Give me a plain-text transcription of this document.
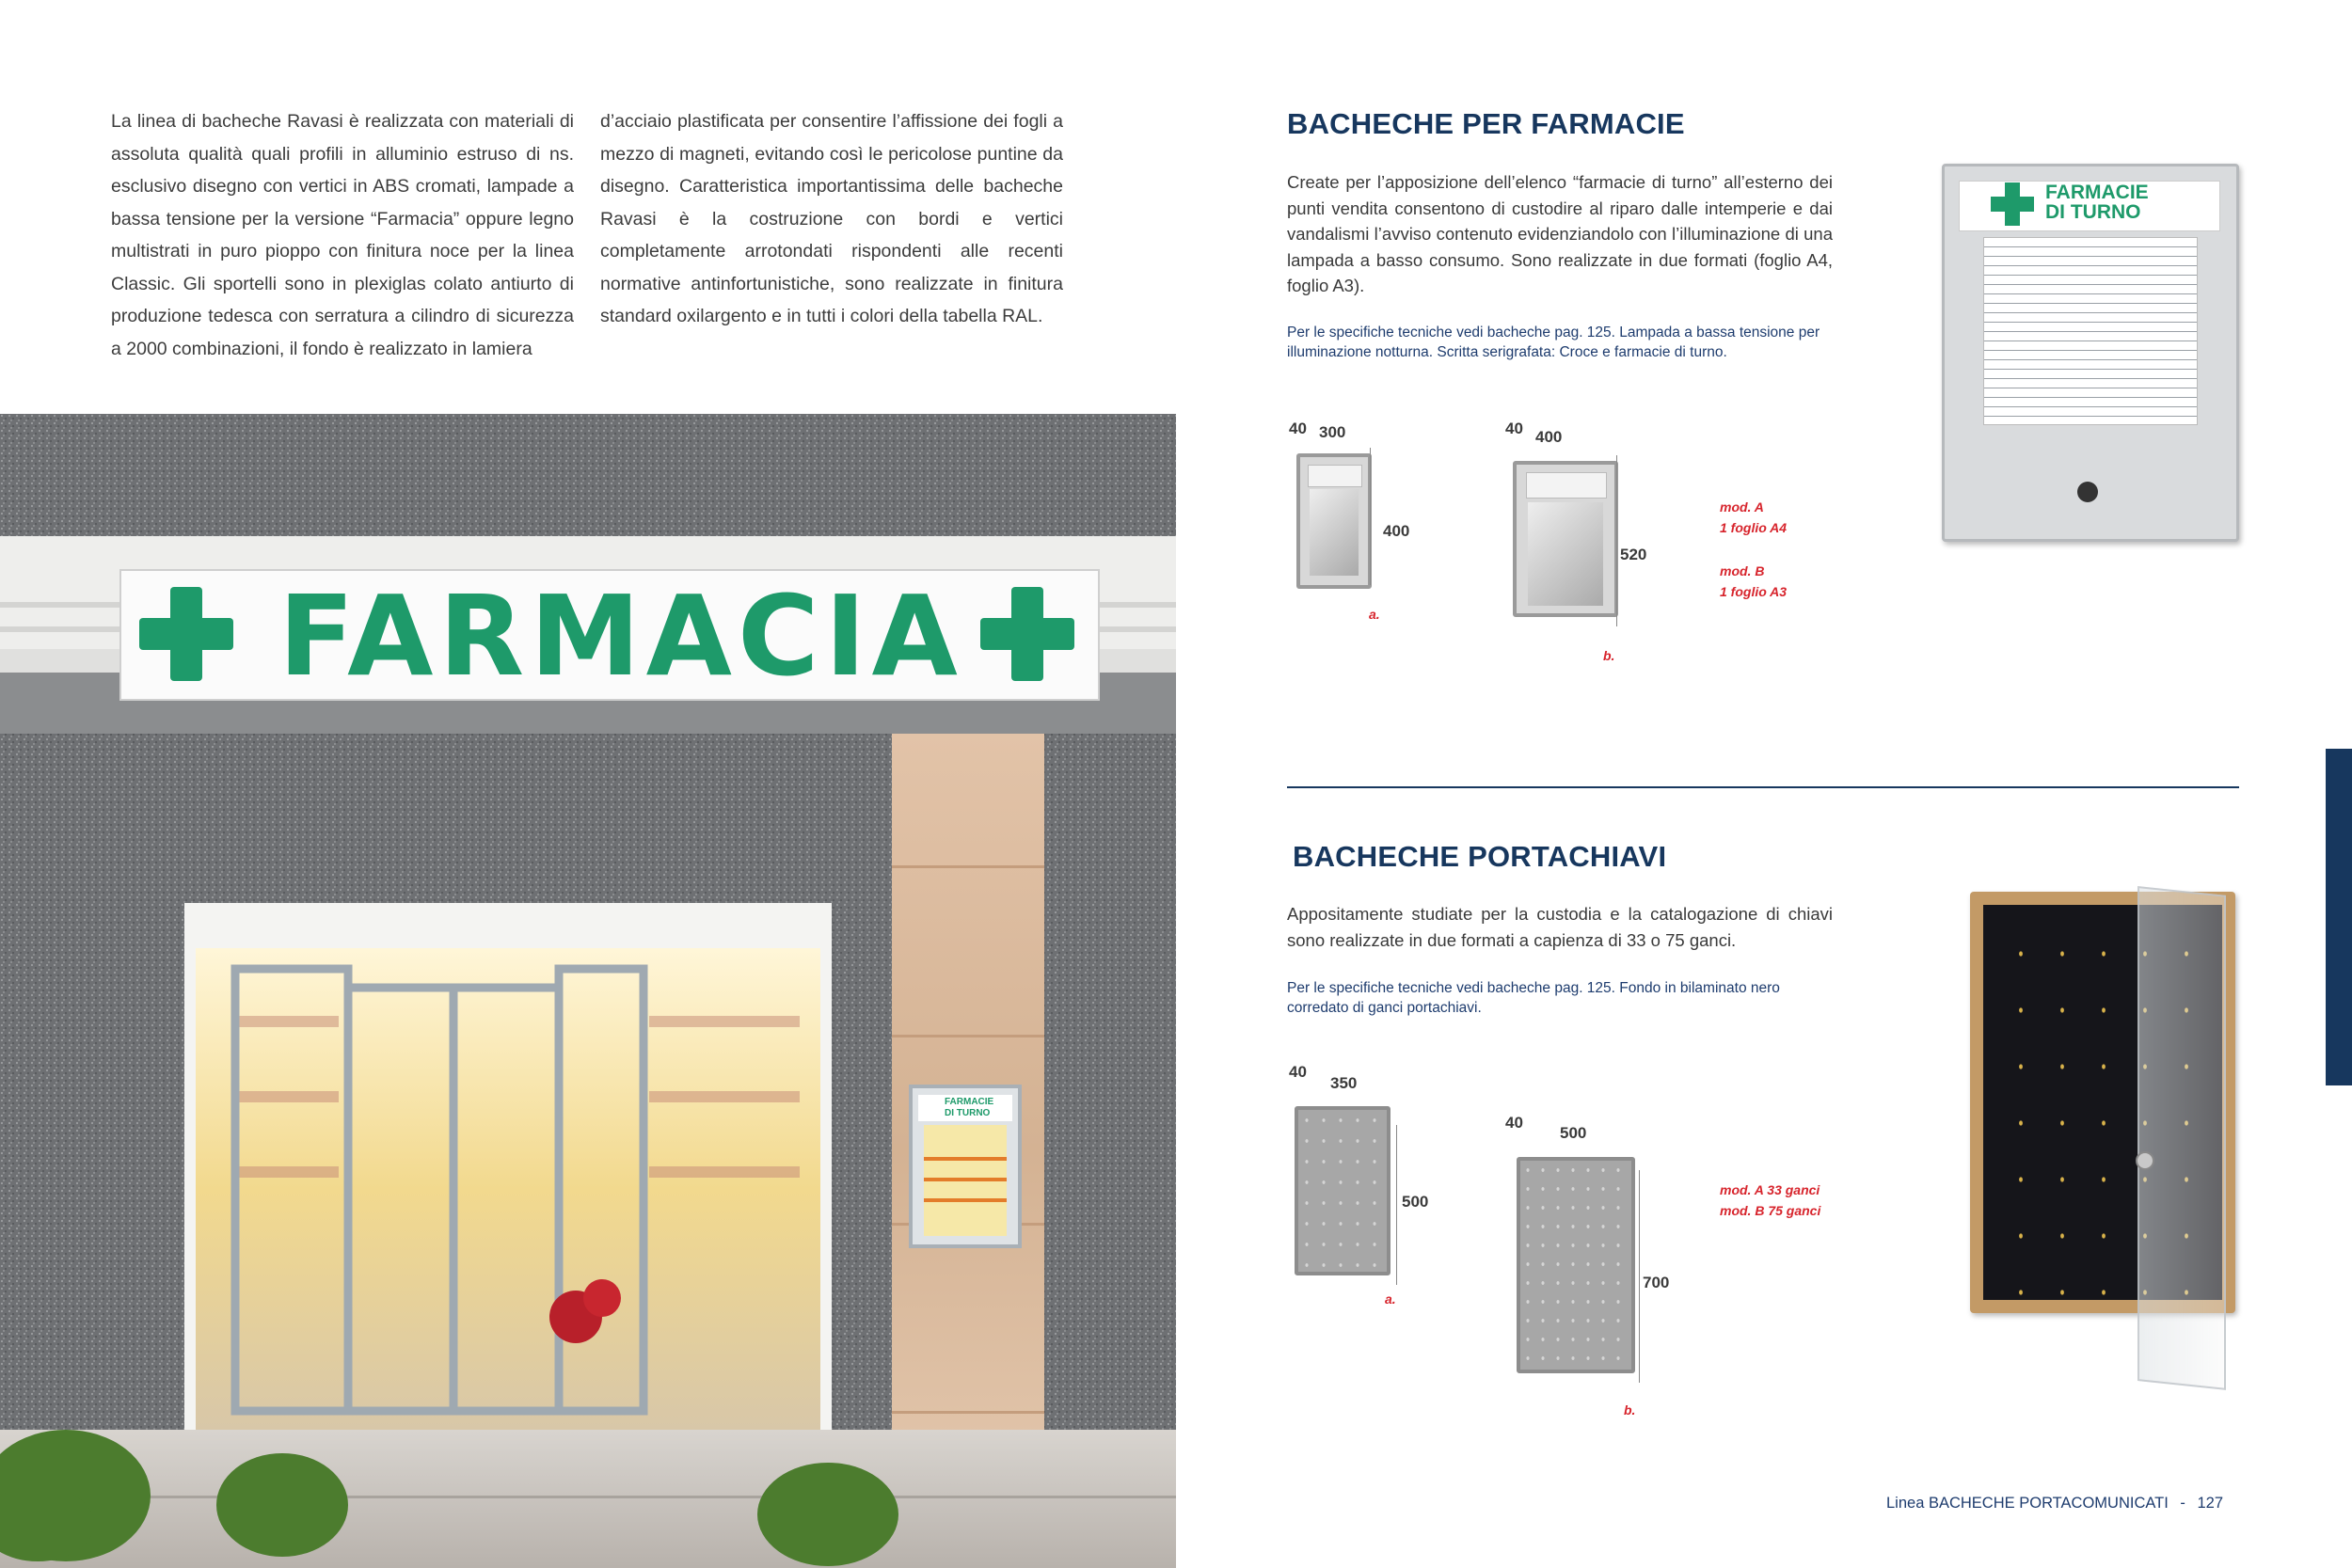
La linea di bacheche Ravasi è realizzata con materiali di assoluta qualità quali profili in alluminio estruso di ns. esclusivo disegno con vertici in ABS cromati, lampade a bassa tensione per la versione “Farmacia” oppure legno multistrati in puro pioppo con finitura noce per la linea Classic. Gli sportelli sono in plexiglas colato antiurto di produzione tedesca con serratura a cilindro di sicurezza a 2000 combinazioni, il fondo è realizzato in lamiera
d’acciaio plastificata per consentire l’affissione dei fogli a mezzo di magneti, evitando così le pericolose puntine da disegno. Caratteristica importantissima delle bacheche Ravasi è la costruzione con bordi e vertici completamente arrotondati rispondenti alle recenti normative antinfortunistiche, sono realizzate in finitura standard oxilargento e in tutti i colori della tabella RAL.
FARMACIA
FARMACIE
DI TURNO
BACHECHE PER FARMACIE
Create per l’apposizione dell’elenco “farmacie di turno” all’esterno dei punti vendita consentono di custodire al riparo dalle intemperie e dai vandalismi l’avviso contenuto evidenziandolo con l’illuminazione di una lampada a basso consumo. Sono realizzate in due formati (foglio A4, foglio A3).
Per le specifiche tecniche vedi bacheche pag. 125. Lampada a bassa tensione per illuminazione notturna. Scritta serigrafata: Croce e farmacie di turno.
FARMACIE
DI TURNO
40 300
400
a.
40 400
520
b.
mod. A
1 foglio A4
mod. B
1 foglio A3
BACHECHE PORTACHIAVI
Appositamente studiate per la custodia e la catalogazione di chiavi sono realizzate in due formati a capienza di 33 o 75 ganci.
Per le specifiche tecniche vedi bacheche pag. 125. Fondo in bilaminato nero corredato di ganci portachiavi.
40
350
500
a.
40
500
700
b.
mod. A 33 ganci
mod. B 75 ganci
Linea BACHECHE PORTACOMUNICATI - 127
